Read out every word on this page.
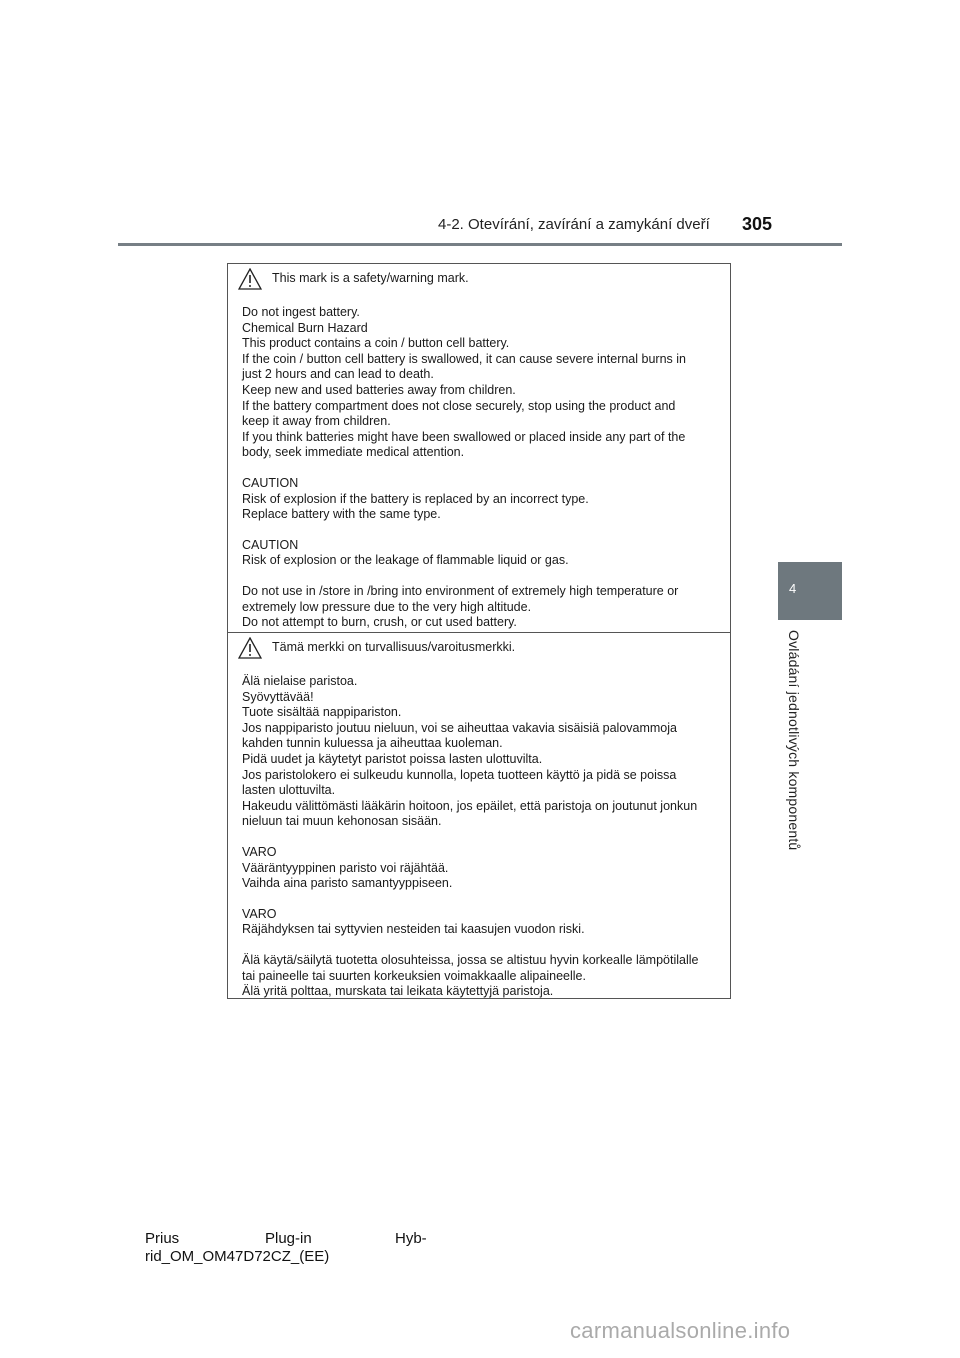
4-2. Otevírání, zavírání a zamykání dveří 305
4
Ovládání jednotlivých komponentů
This mark is a safety/warning mark.

Do not ingest battery.

Chemical Burn Hazard

This product contains a coin / button cell battery.

If the coin / button cell battery is swallowed, it can cause severe internal burns in

just 2 hours and can lead to death.

Keep new and used batteries away from children.

If the battery compartment does not close securely, stop using the product and

keep it away from children.

If you think batteries might have been swallowed or placed inside any part of the

body, seek immediate medical attention.

CAUTION

Risk of explosion if the battery is replaced by an incorrect type.

Replace battery with the same type.

CAUTION

Risk of explosion or the leakage of flammable liquid or gas.

Do not use in /store in /bring into environment of extremely high temperature or

extremely low pressure due to the very high altitude.

Do not attempt to burn, crush, or cut used battery.

Tämä merkki on turvallisuus/varoitusmerkki.

Älä nielaise paristoa.

Syövyttävää!

Tuote sisältää nappipariston.

Jos nappiparisto joutuu nieluun, voi se aiheuttaa vakavia sisäisiä palovammoja

kahden tunnin kuluessa ja aiheuttaa kuoleman.

Pidä uudet ja käytetyt paristot poissa lasten ulottuvilta.

Jos paristolokero ei sulkeudu kunnolla, lopeta tuotteen käyttö ja pidä se poissa

lasten ulottuvilta.

Hakeudu välittömästi lääkärin hoitoon, jos epäilet, että paristoja on joutunut jonkun

nieluun tai muun kehonosan sisään.

VARO

Vääräntyyppinen paristo voi räjähtää.

Vaihda aina paristo samantyyppiseen.

VARO

Räjähdyksen tai syttyvien nesteiden tai kaasujen vuodon riski.

Älä käytä/säilytä tuotetta olosuhteissa, jossa se altistuu hyvin korkealle lämpötilalle

tai paineelle tai suurten korkeuksien voimakkaalle alipaineelle.

Älä yritä polttaa, murskata tai leikata käytettyjä paristoja.

Prius	Plug-in	Hyb-
rid_OM_OM47D72CZ_(EE)
carmanualsonline.info
